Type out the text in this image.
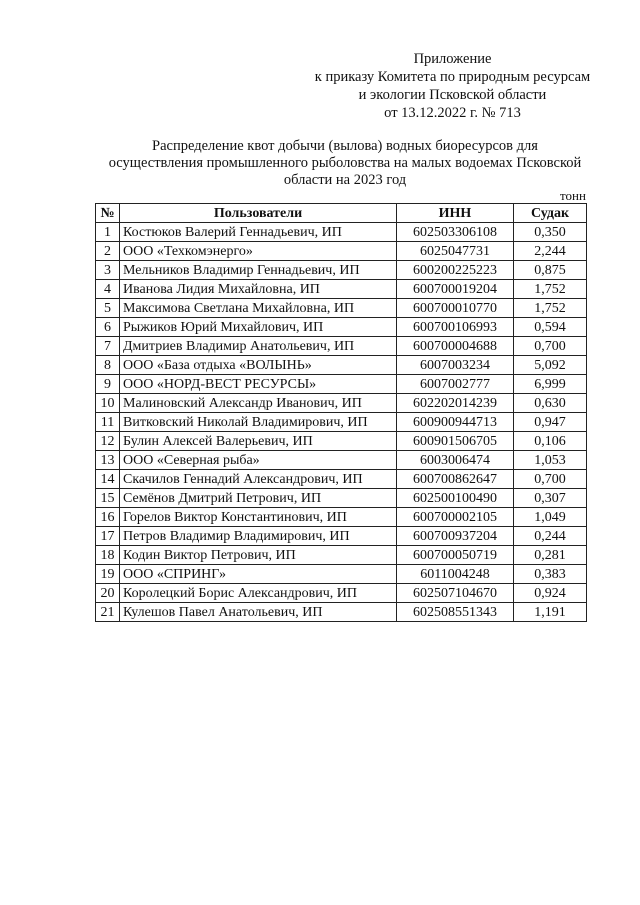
Приложение
к приказу Комитета по природным ресурсам
и экологии Псковской области
от 13.12.2022 г. № 713
Распределение квот добычи (вылова) водных биоресурсов для
осуществления промышленного рыболовства на малых водоемах Псковской
области на 2023 год
тонн
№	Пользователи	ИНН	Судак
1	Костюков Валерий Геннадьевич, ИП	602503306108	0,350
2	ООО «Техкомэнерго»	6025047731	2,244
3	Мельников Владимир Геннадьевич, ИП	600200225223	0,875
4	Иванова Лидия Михайловна, ИП	600700019204	1,752
5	Максимова Светлана Михайловна, ИП	600700010770	1,752
6	Рыжиков Юрий Михайлович, ИП	600700106993	0,594
7	Дмитриев Владимир Анатольевич, ИП	600700004688	0,700
8	ООО «База отдыха «ВОЛЫНЬ»	6007003234	5,092
9	ООО «НОРД-ВЕСТ РЕСУРСЫ»	6007002777	6,999
10	Малиновский Александр Иванович, ИП	602202014239	0,630
11	Витковский Николай Владимирович, ИП	600900944713	0,947
12	Булин Алексей Валерьевич, ИП	600901506705	0,106
13	ООО «Северная рыба»	6003006474	1,053
14	Скачилов Геннадий Александрович, ИП	600700862647	0,700
15	Семёнов Дмитрий Петрович, ИП	602500100490	0,307
16	Горелов Виктор Константинович, ИП	600700002105	1,049
17	Петров Владимир Владимирович, ИП	600700937204	0,244
18	Кодин Виктор Петрович, ИП	600700050719	0,281
19	ООО «СПРИНГ»	6011004248	0,383
20	Королецкий Борис Александрович, ИП	602507104670	0,924
21	Кулешов Павел Анатольевич, ИП	602508551343	1,191
